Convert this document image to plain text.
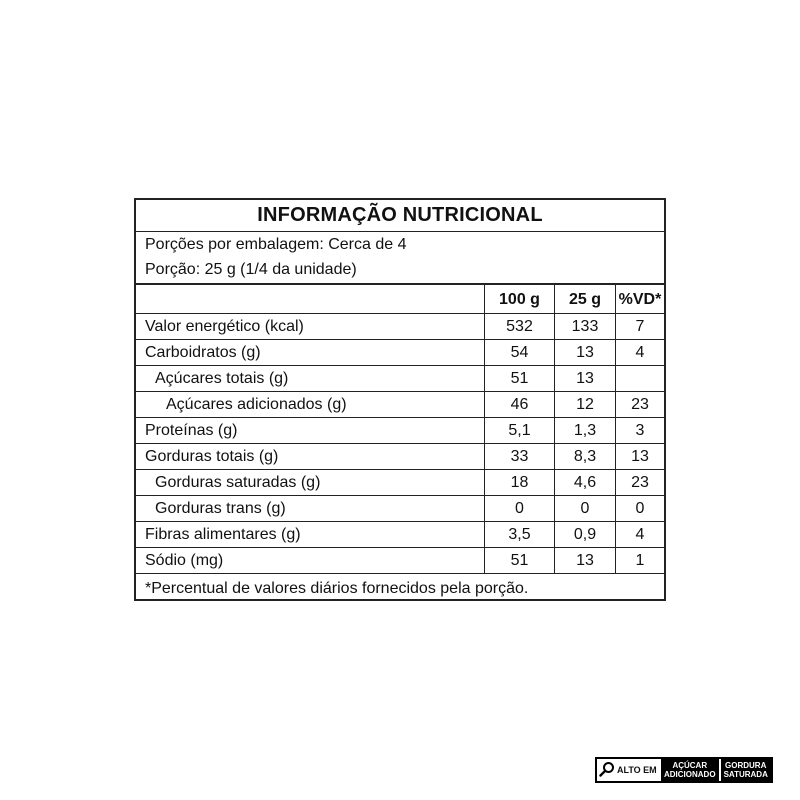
INFORMAÇÃO NUTRICIONAL
Porções por embalagem: Cerca de 4
Porção: 25 g (1/4 da unidade)
	100 g	25 g	%VD*
Valor energético (kcal)	532	133	7
Carboidratos (g)	54	13	4
Açúcares totais (g)	51	13	
Açúcares adicionados (g)	46	12	23
Proteínas (g)	5,1	1,3	3
Gorduras totais (g)	33	8,3	13
Gorduras saturadas (g)	18	4,6	23
Gorduras trans (g)	0	0	0
Fibras alimentares (g)	3,5	0,9	4
Sódio (mg)	51	13	1
*Percentual de valores diários fornecidos pela porção.
ALTO EM	AÇÚCAR
ADICIONADO
GORDURA
SATURADA
